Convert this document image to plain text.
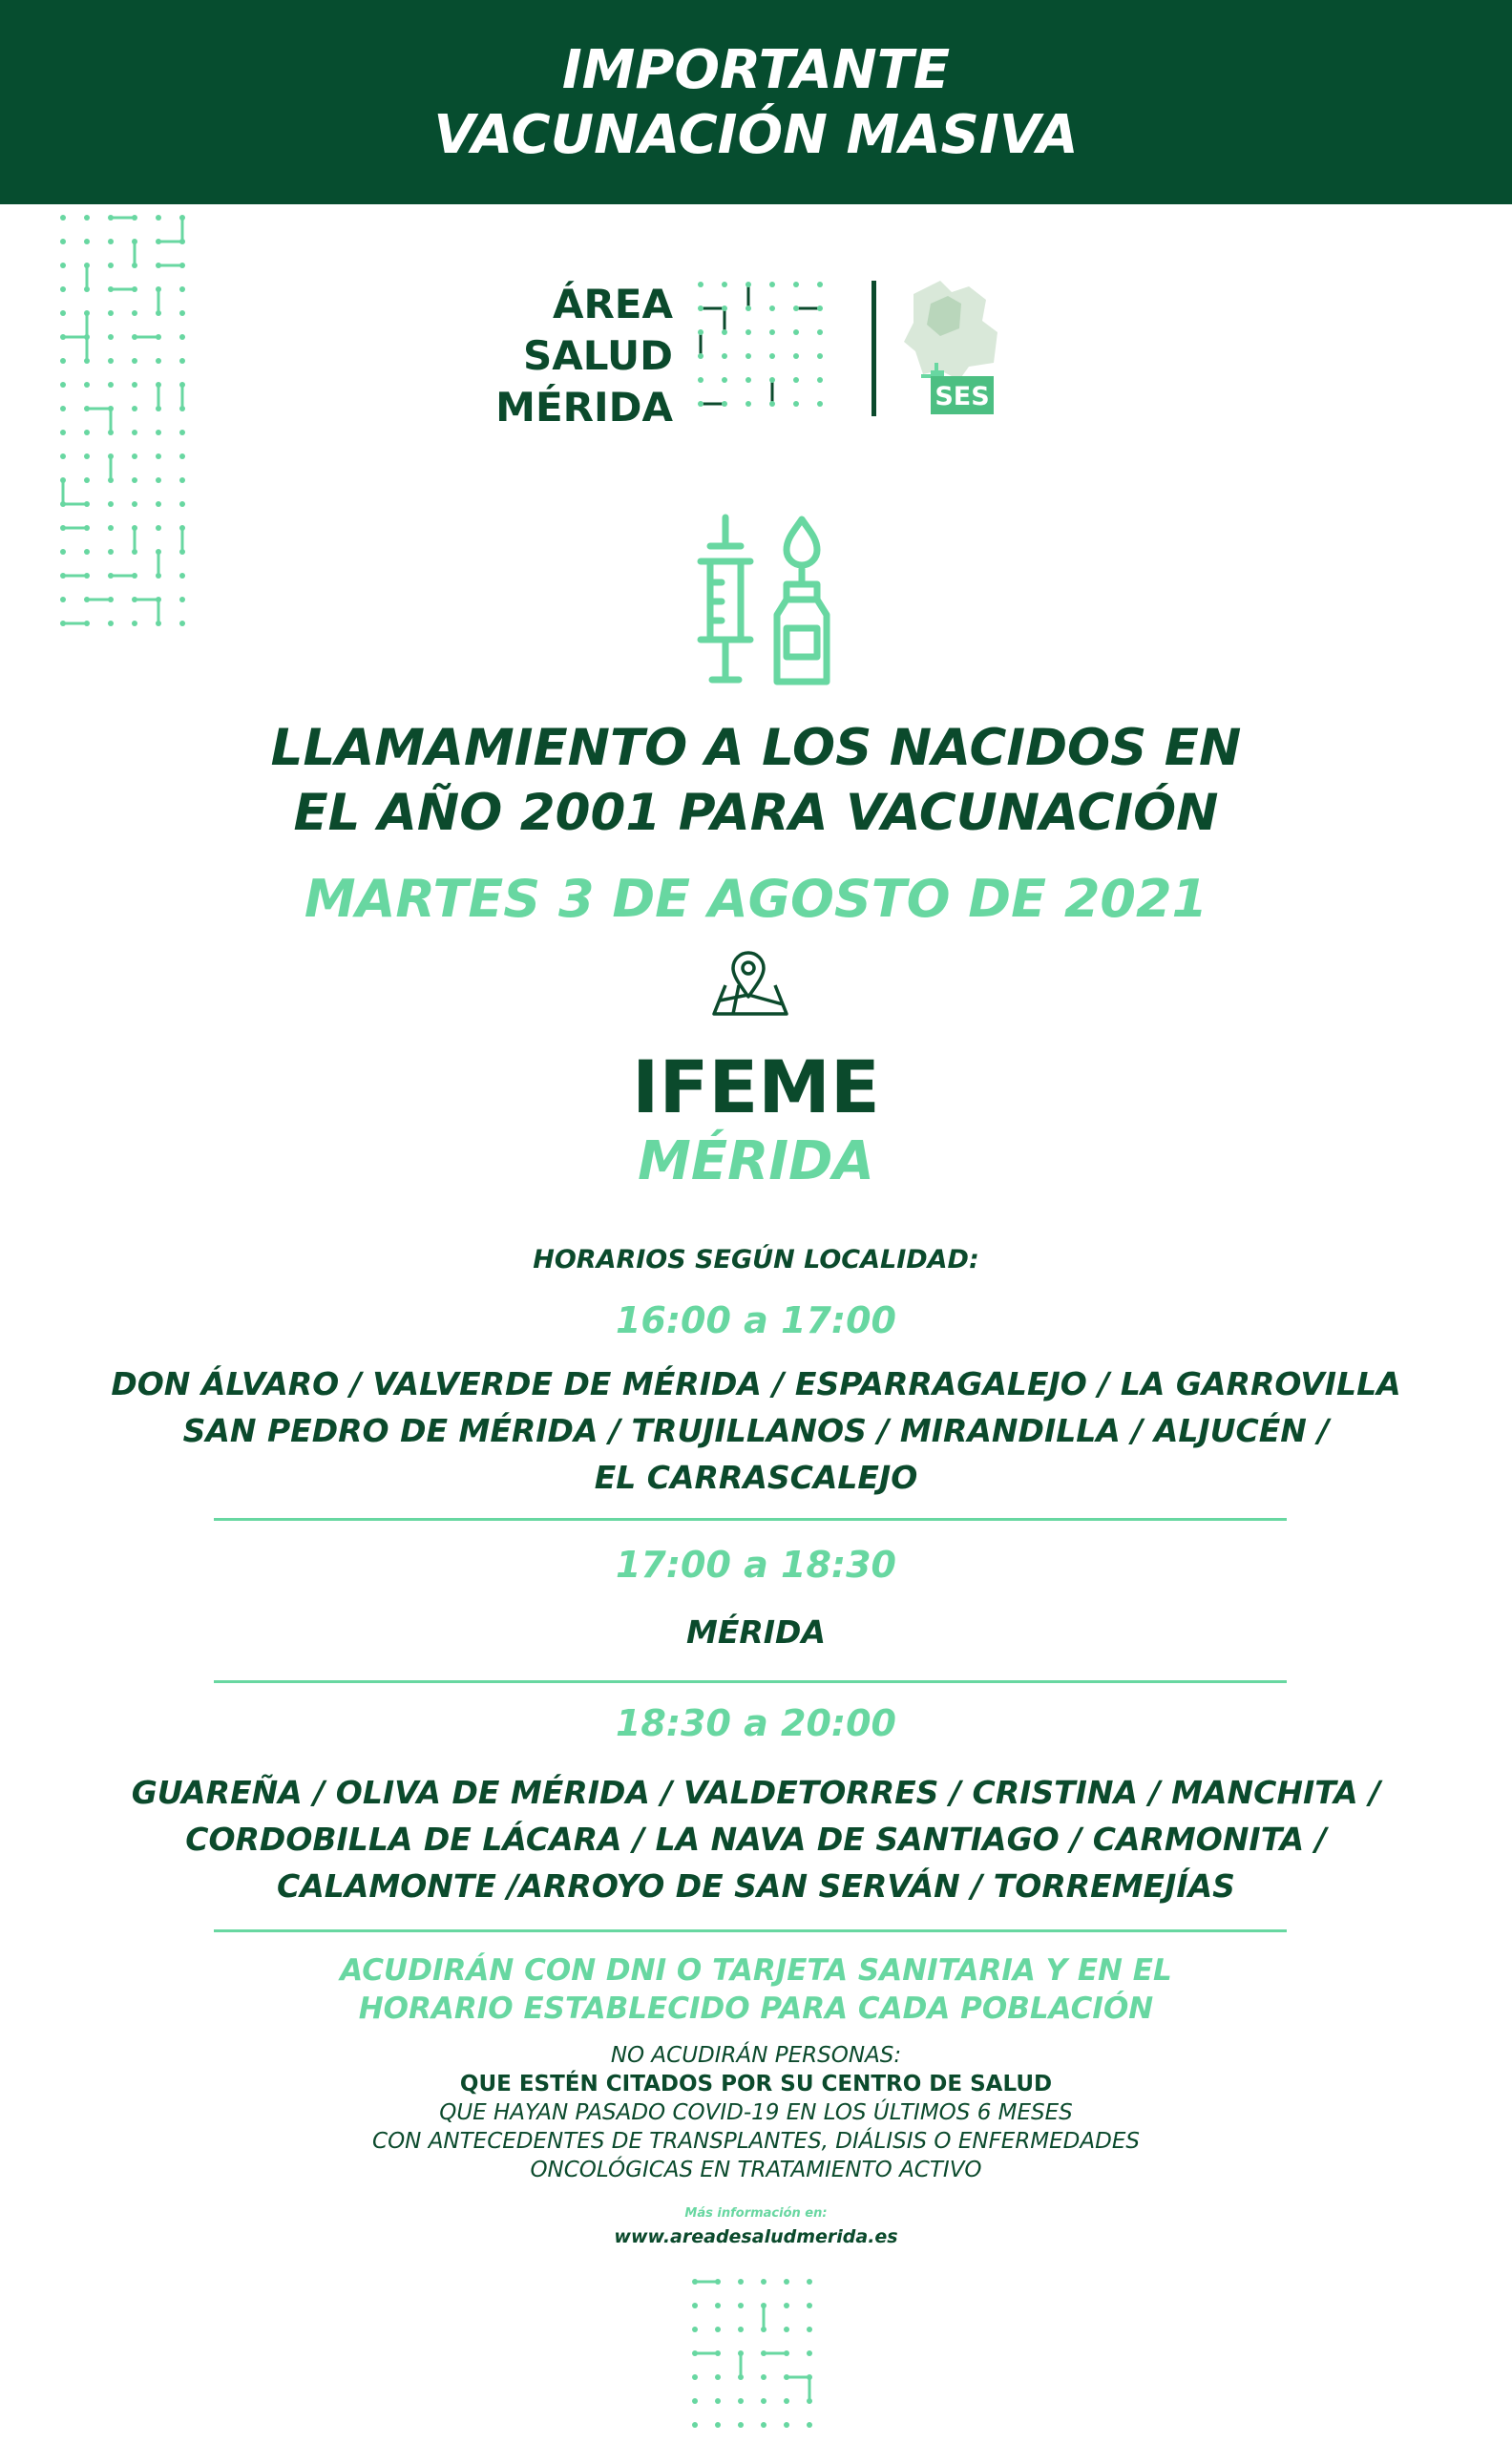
IMPORTANTE
VACUNACIÓN MASIVA
ÁREA
SALUD
MÉRIDA	SES
LLAMAMIENTO A LOS NACIDOS EN
EL AÑO 2001 PARA VACUNACIÓN
MARTES 3 DE AGOSTO DE 2021
IFEME
MÉRIDA
HORARIOS SEGÚN LOCALIDAD:
16:00 a 17:00
DON ÁLVARO / VALVERDE DE MÉRIDA / ESPARRAGALEJO / LA GARROVILLA
SAN PEDRO DE MÉRIDA / TRUJILLANOS / MIRANDILLA / ALJUCÉN /
EL CARRASCALEJO
17:00 a 18:30
MÉRIDA
18:30 a 20:00
GUAREÑA / OLIVA DE MÉRIDA / VALDETORRES / CRISTINA / MANCHITA /
CORDOBILLA DE LÁCARA / LA NAVA DE SANTIAGO / CARMONITA /
CALAMONTE /ARROYO DE SAN SERVÁN / TORREMEJÍAS
ACUDIRÁN CON DNI O TARJETA SANITARIA Y EN EL
HORARIO ESTABLECIDO PARA CADA POBLACIÓN
NO ACUDIRÁN PERSONAS:
QUE ESTÉN CITADOS POR SU CENTRO DE SALUD
QUE HAYAN PASADO COVID-19 EN LOS ÚLTIMOS 6 MESES
CON ANTECEDENTES DE TRANSPLANTES, DIÁLISIS O ENFERMEDADES
ONCOLÓGICAS EN TRATAMIENTO ACTIVO
Más información en:
www.areadesaludmerida.es
